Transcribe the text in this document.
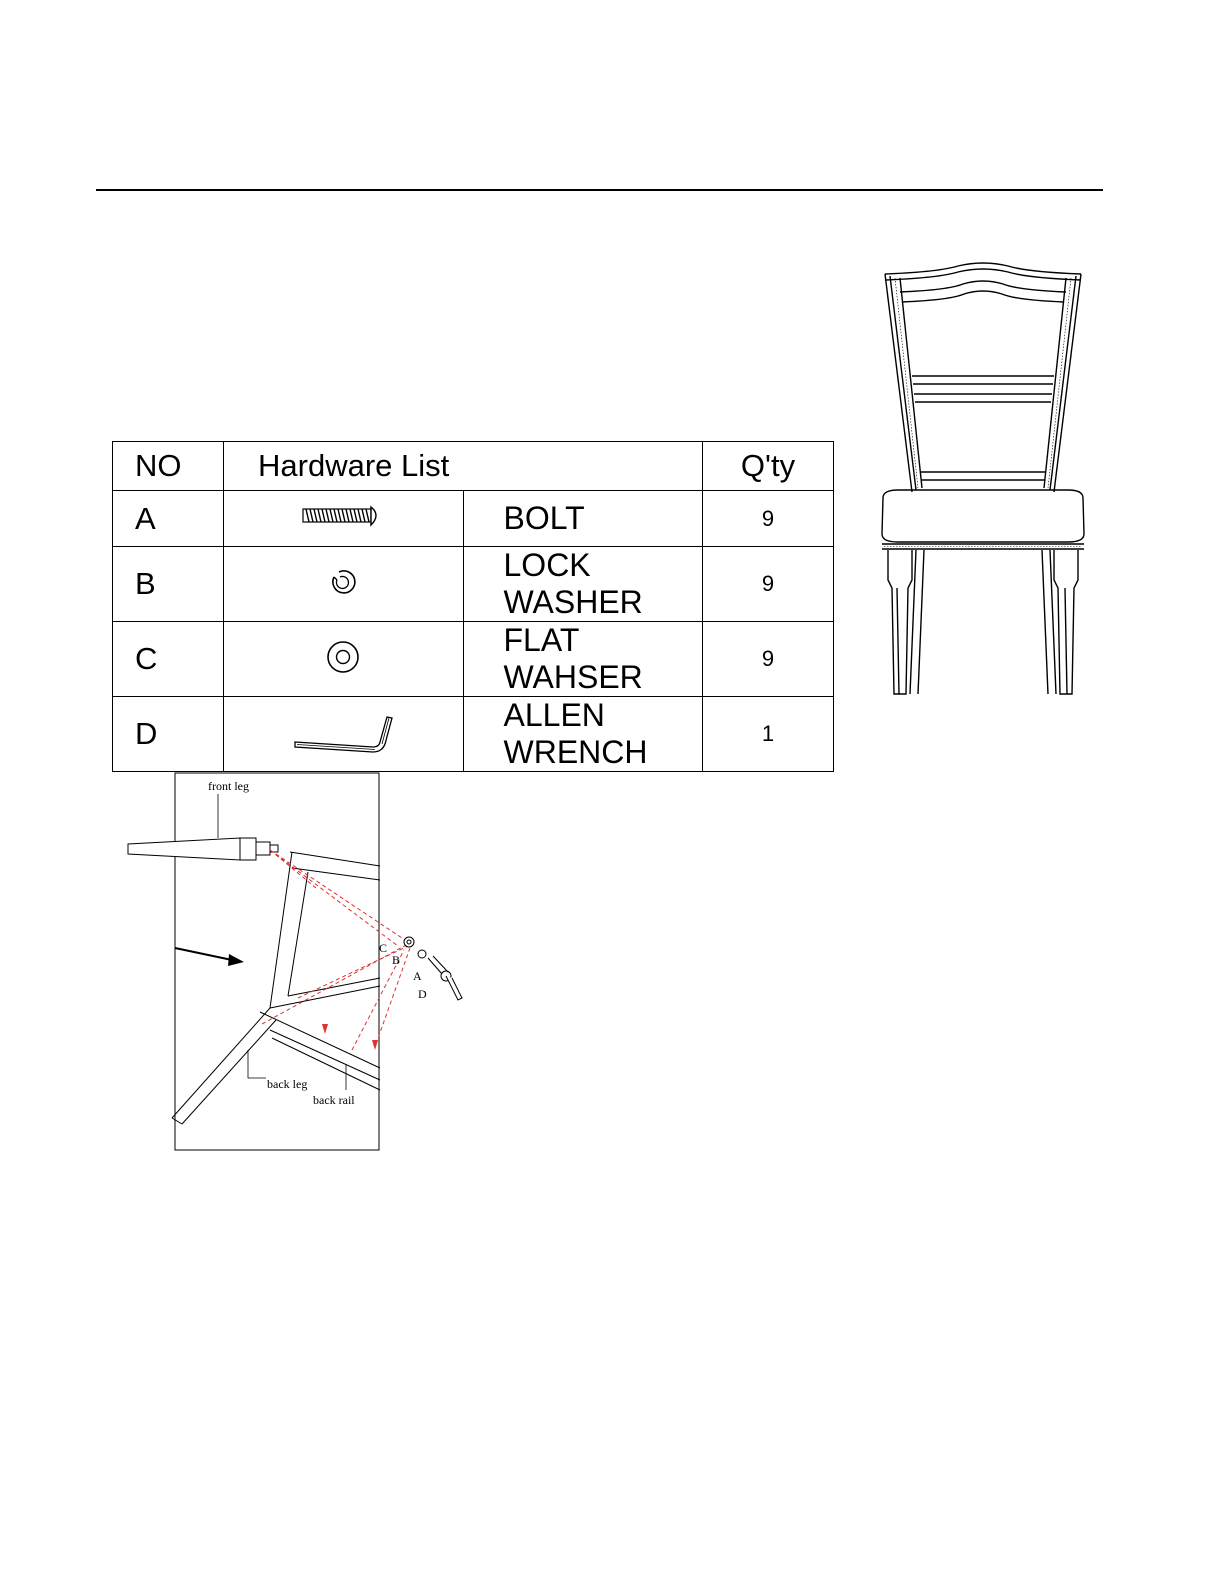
NO	Hardware List		Q'ty
A		BOLT	9
B		LOCK WASHER	9
C		FLAT WAHSER	9
D		ALLEN WRENCH	1
front leg
C
B
A
D
back leg
back rail
